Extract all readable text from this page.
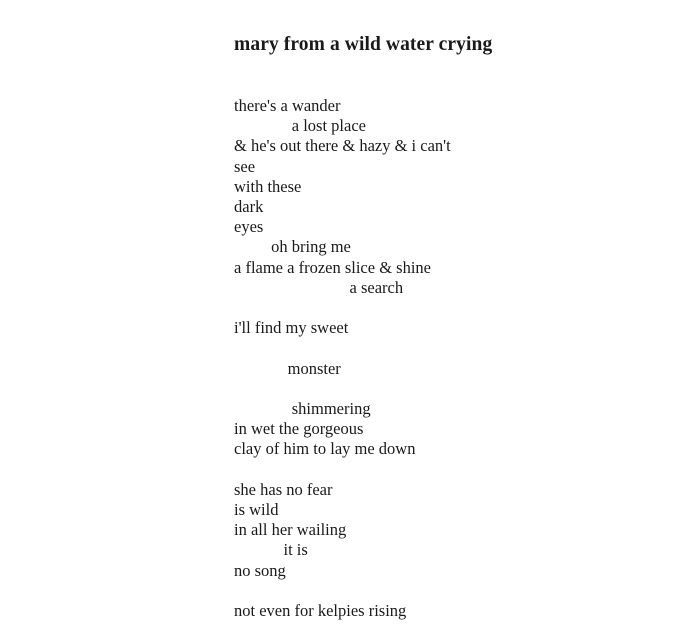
mary from a wild water crying
there's a wander
a lost place
& he's out there & hazy & i can't
see
with these
dark
eyes
oh bring me
a flame a frozen slice & shine
a search
i'll find my sweet
monster
shimmering
in wet the gorgeous
clay of him to lay me down
she has no fear
is wild
in all her wailing
it is
no song
not even for kelpies rising
